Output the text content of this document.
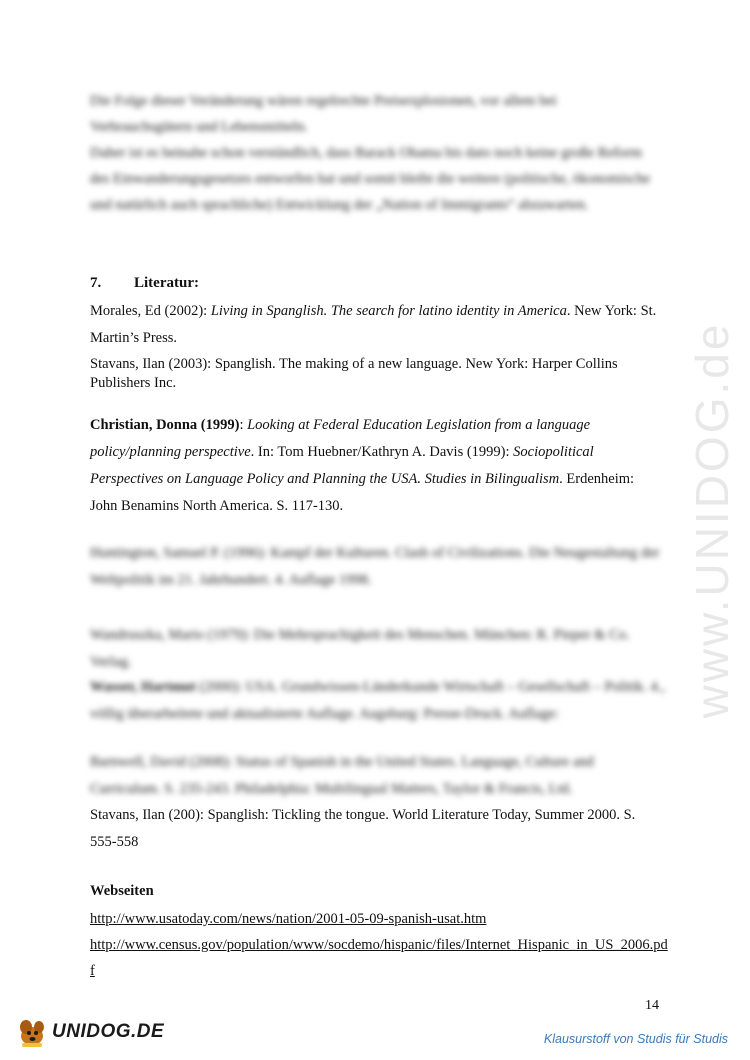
www.UNIDOG.de
Die Folge dieser Veränderung wären regelrechte Preisexplosionen, vor allem bei Verbrauchsgütern und Lebensmitteln.
Daher ist es beinahe schon verständlich, dass Barack Obama bis dato noch keine große Reform des Einwanderungsgesetzes entworfen hat und somit bleibt die weitere (politische, ökonomische und natürlich auch sprachliche) Entwicklung der „Nation of Immigrants“ abzuwarten.
7. Literatur:
Morales, Ed (2002): Living in Spanglish. The search for latino identity in America. New York: St. Martin’s Press.
Stavans, Ilan (2003): Spanglish. The making of a new language. New York: Harper Collins Publishers Inc.
Christian, Donna (1999): Looking at Federal Education Legislation from a language policy/planning perspective. In: Tom Huebner/Kathryn A. Davis (1999): Sociopolitical Perspectives on Language Policy and Planning the USA. Studies in Bilingualism. Erdenheim: John Benamins North America. S. 117-130.
Huntington, Samuel P. (1996): Kampf der Kulturen. Clash of Civilizations. Die Neugestaltung der Weltpolitik im 21. Jahrhundert. 4. Auflage 1998.
Wandruszka, Mario (1979): Die Mehrsprachigkeit des Menschen. München: R. Pieper & Co. Verlag.
Wasser, Hartmut (2000): USA. Grundwissen-Länderkunde Wirtschaft – Gesellschaft – Politik. 4., völlig überarbeitete und aktualisierte Auflage. Augsburg: Presse-Druck. Auflage:
Barnwell, David (2008): Status of Spanish in the United States. Language, Culture and Curriculum. S. 235-243. Philadelphia: Multilingual Matters, Taylor & Francis, Ltd.
Stavans, Ilan (200): Spanglish: Tickling the tongue. World Literature Today, Summer 2000. S. 555-558
Webseiten
http://www.usatoday.com/news/nation/2001-05-09-spanish-usat.htm
http://www.census.gov/population/www/socdemo/hispanic/files/Internet_Hispanic_in_US_2006.pdf
14
UNIDOG.DE	Klausurstoff von Studis für Studis
